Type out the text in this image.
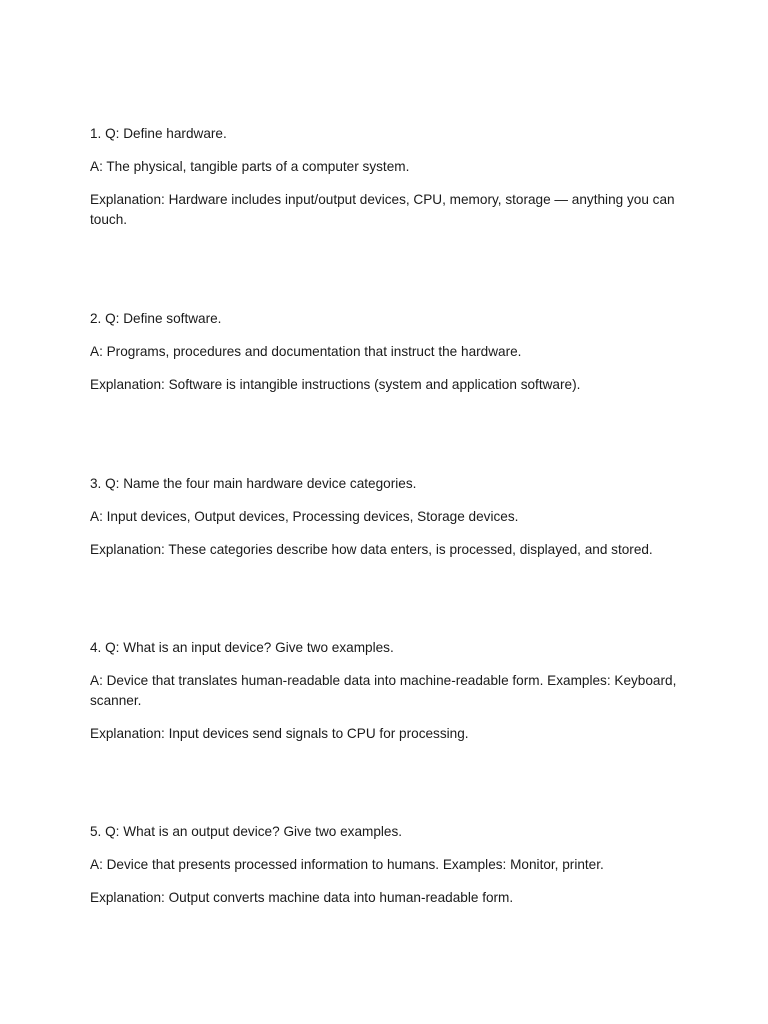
1. Q: Define hardware.

A: The physical, tangible parts of a computer system.

Explanation: Hardware includes input/output devices, CPU, memory, storage — anything you can touch.

2. Q: Define software.

A: Programs, procedures and documentation that instruct the hardware.

Explanation: Software is intangible instructions (system and application software).

3. Q: Name the four main hardware device categories.

A: Input devices, Output devices, Processing devices, Storage devices.

Explanation: These categories describe how data enters, is processed, displayed, and stored.

4. Q: What is an input device? Give two examples.

A: Device that translates human-readable data into machine-readable form. Examples: Keyboard, scanner.

Explanation: Input devices send signals to CPU for processing.

5. Q: What is an output device? Give two examples.

A: Device that presents processed information to humans. Examples: Monitor, printer.

Explanation: Output converts machine data into human-readable form.
